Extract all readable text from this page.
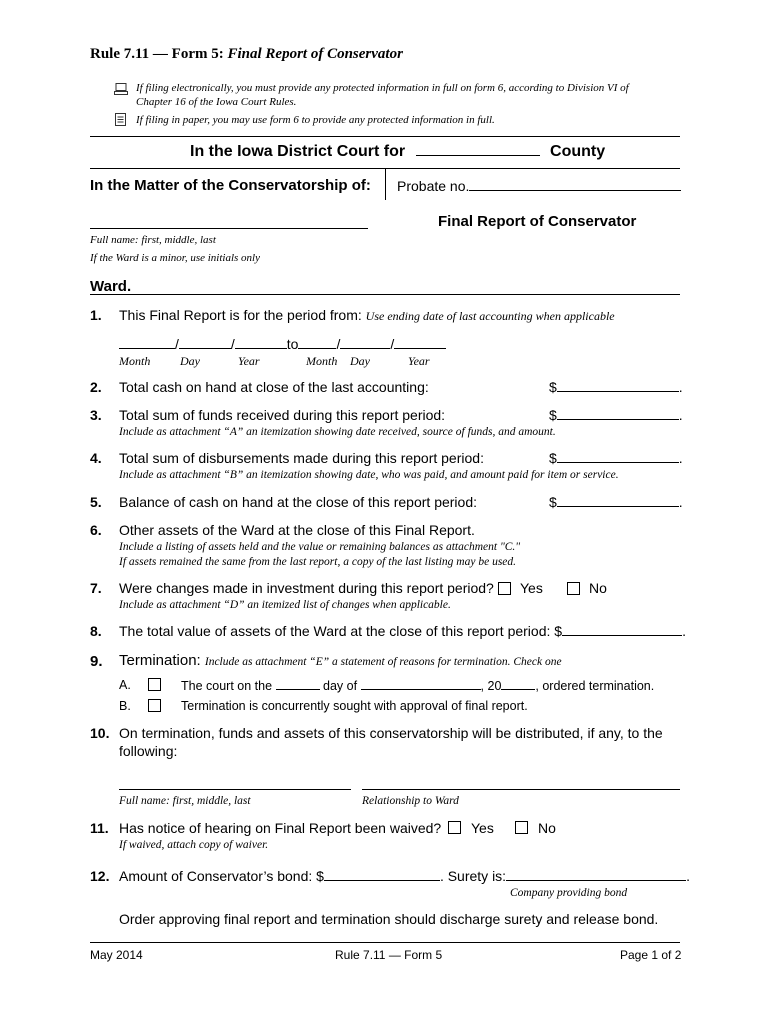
Rule 7.11 — Form 5: Final Report of Conservator
If filing electronically, you must provide any protected information in full on form 6, according to Division VI of
Chapter 16 of the Iowa Court Rules.
If filing in paper, you may use form 6 to provide any protected information in full.
In the Iowa District Court for	County
In the Matter of the Conservatorship of:
Full name: first, middle, last
If the Ward is a minor, use initials only
Ward.
Probate no.
Final Report of Conservator
1. This Final Report is for the period from: Use ending date of last accounting when applicable
/	/	to	/	/
Month Day	Year	Month Day	Year
2. Total cash on hand at close of the last accounting:	$	.
3. Total sum of funds received during this report period:	$	.
Include as attachment “A” an itemization showing date received, source of funds, and amount.
4. Total sum of disbursements made during this report period:	$	.
Include as attachment “B” an itemization showing date, who was paid, and amount paid for item or service.
5. Balance of cash on hand at the close of this report period:	$	.
6. Other assets of the Ward at the close of this Final Report.
Include a listing of assets held and the value or remaining balances as attachment "C."
If assets remained the same from the last report, a copy of the last listing may be used.
7. Were changes made in investment during this report period? Yes	No
Include as attachment “D” an itemized list of changes when applicable.
8. The total value of assets of the Ward at the close of this report period: $	.
9. Termination: Include as attachment “E” a statement of reasons for termination. Check one
A.	The court on the	day of	, 20	, ordered termination.
B.	Termination is concurrently sought with approval of final report.
10. On termination, funds and assets of this conservatorship will be distributed, if any, to the
following:
Full name: first, middle, last	Relationship to Ward
11. Has notice of hearing on Final Report been waived? Yes	No
If waived, attach copy of waiver.
12. Amount of Conservator’s bond: $	. Surety is:	.
Company providing bond
Order approving final report and termination should discharge surety and release bond.
May 2014	Rule 7.11 — Form 5	Page 1 of 2
